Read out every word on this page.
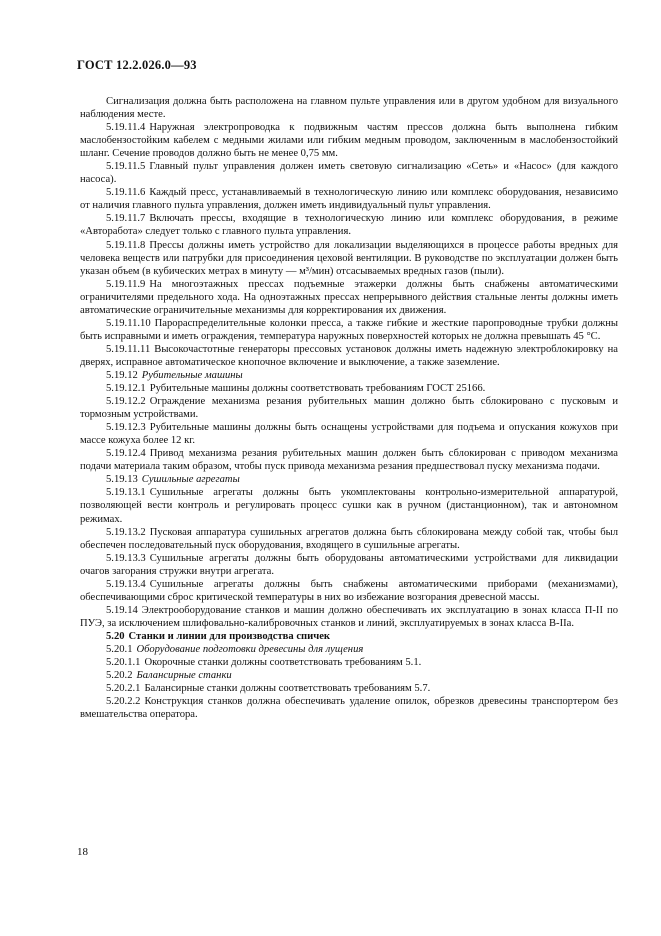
ГОСТ 12.2.026.0—93

Сигнализация должна быть расположена на главном пульте управления или в другом удобном для визуального наблюдения месте.

5.19.11.4 Наружная электропроводка к подвижным частям прессов должна быть выполнена гибким маслобензостойким кабелем с медными жилами или гибким медным проводом, заключенным в маслобензостойкий шланг. Сечение проводов должно быть не менее 0,75 мм.

5.19.11.5 Главный пульт управления должен иметь световую сигнализацию «Сеть» и «Насос» (для каждого насоса).

5.19.11.6 Каждый пресс, устанавливаемый в технологическую линию или комплекс оборудования, независимо от наличия главного пульта управления, должен иметь индивидуальный пульт управления.

5.19.11.7 Включать прессы, входящие в технологическую линию или комплекс оборудования, в режиме «Авторабота» следует только с главного пульта управления.

5.19.11.8 Прессы должны иметь устройство для локализации выделяющихся в процессе работы вредных для человека веществ или патрубки для присоединения цеховой вентиляции. В руководстве по эксплуатации должен быть указан объем (в кубических метрах в минуту — м³/мин) отсасываемых вредных газов (пыли).

5.19.11.9 На многоэтажных прессах подъемные этажерки должны быть снабжены автоматическими ограничителями предельного хода. На одноэтажных прессах непрерывного действия стальные ленты должны иметь автоматические ограничительные механизмы для корректирования их движения.

5.19.11.10 Парораспределительные колонки пресса, а также гибкие и жесткие паропроводные трубки должны быть исправными и иметь ограждения, температура наружных поверхностей которых не должна превышать 45 °С.

5.19.11.11 Высокочастотные генераторы прессовых установок должны иметь надежную электроблокировку на дверях, исправное автоматическое кнопочное включение и выключение, а также заземление.

5.19.12 Рубительные машины

5.19.12.1 Рубительные машины должны соответствовать требованиям ГОСТ 25166.

5.19.12.2 Ограждение механизма резания рубительных машин должно быть сблокировано с пусковым и тормозным устройствами.

5.19.12.3 Рубительные машины должны быть оснащены устройствами для подъема и опускания кожухов при массе кожуха более 12 кг.

5.19.12.4 Привод механизма резания рубительных машин должен быть сблокирован с приводом механизма подачи материала таким образом, чтобы пуск привода механизма резания предшествовал пуску механизма подачи.

5.19.13 Сушильные агрегаты

5.19.13.1 Сушильные агрегаты должны быть укомплектованы контрольно-измерительной аппаратурой, позволяющей вести контроль и регулировать процесс сушки как в ручном (дистанционном), так и автономном режимах.

5.19.13.2 Пусковая аппаратура сушильных агрегатов должна быть сблокирована между собой так, чтобы был обеспечен последовательный пуск оборудования, входящего в сушильные агрегаты.

5.19.13.3 Сушильные агрегаты должны быть оборудованы автоматическими устройствами для ликвидации очагов загорания стружки внутри агрегата.

5.19.13.4 Сушильные агрегаты должны быть снабжены автоматическими приборами (механизмами), обеспечивающими сброс критической температуры в них во избежание возгорания древесной массы.

5.19.14 Электрооборудование станков и машин должно обеспечивать их эксплуатацию в зонах класса П-II по ПУЭ, за исключением шлифовально-калибровочных станков и линий, эксплуатируемых в зонах класса В-IIа.

5.20 Станки и линии для производства спичек

5.20.1 Оборудование подготовки древесины для лущения

5.20.1.1 Окорочные станки должны соответствовать требованиям 5.1.

5.20.2 Балансирные станки

5.20.2.1 Балансирные станки должны соответствовать требованиям 5.7.

5.20.2.2 Конструкция станков должна обеспечивать удаление опилок, обрезков древесины транспортером без вмешательства оператора.

18
